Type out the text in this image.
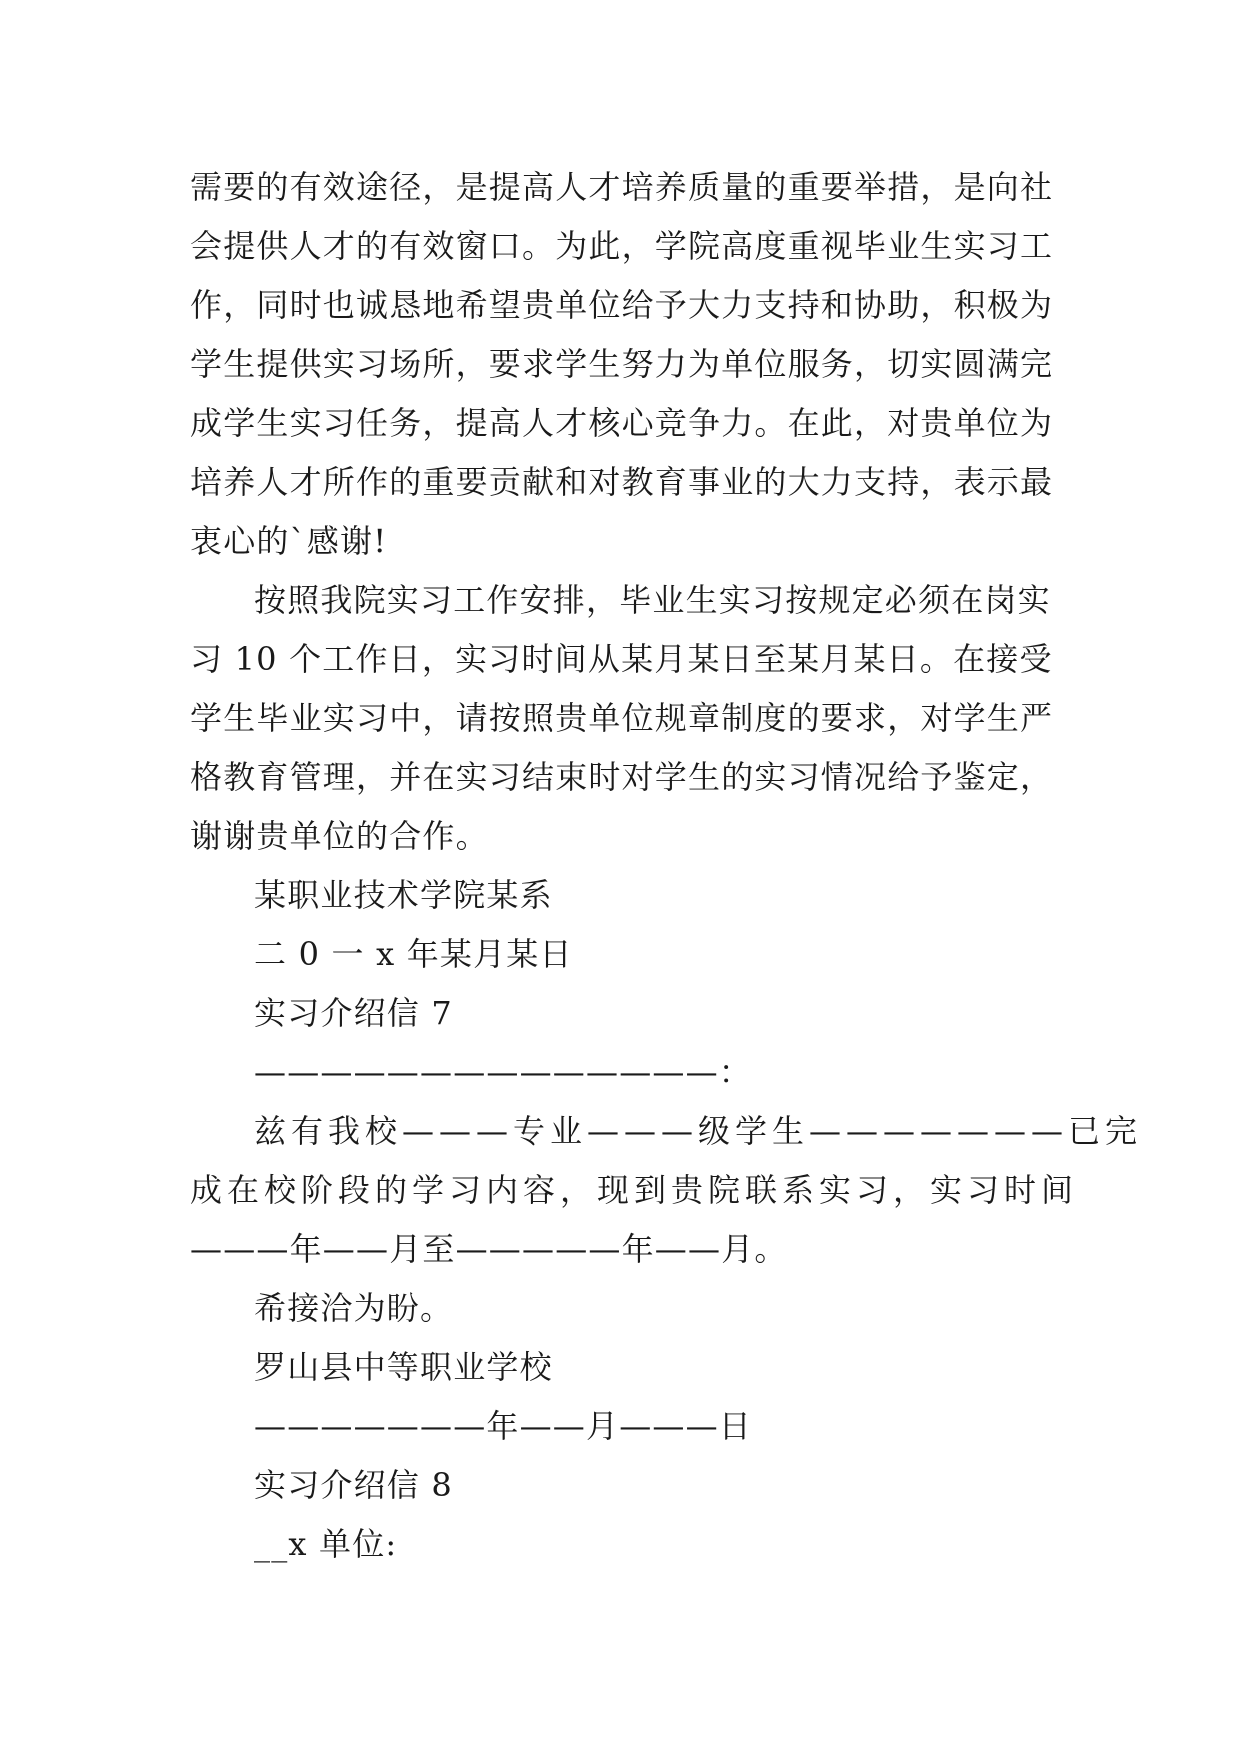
需要的有效途径，是提高人才培养质量的重要举措，是向社
会提供人才的有效窗口。为此，学院高度重视毕业生实习工
作，同时也诚恳地希望贵单位给予大力支持和协助，积极为
学生提供实习场所，要求学生努力为单位服务，切实圆满完
成学生实习任务，提高人才核心竞争力。在此，对贵单位为
培养人才所作的重要贡献和对教育事业的大力支持，表示最
衷心的`感谢!
按照我院实习工作安排，毕业生实习按规定必须在岗实
习 10 个工作日，实习时间从某月某日至某月某日。在接受
学生毕业实习中，请按照贵单位规章制度的要求，对学生严
格教育管理，并在实习结束时对学生的实习情况给予鉴定，
谢谢贵单位的合作。
某职业技术学院某系
二 0 一 x 年某月某日
实习介绍信 7
——————————————：
兹有我校———专业———级学生———————已完
成在校阶段的学习内容，现到贵院联系实习，实习时间
———年——月至—————年——月。
希接洽为盼。
罗山县中等职业学校
———————年——月———日
实习介绍信 8
__x 单位:
